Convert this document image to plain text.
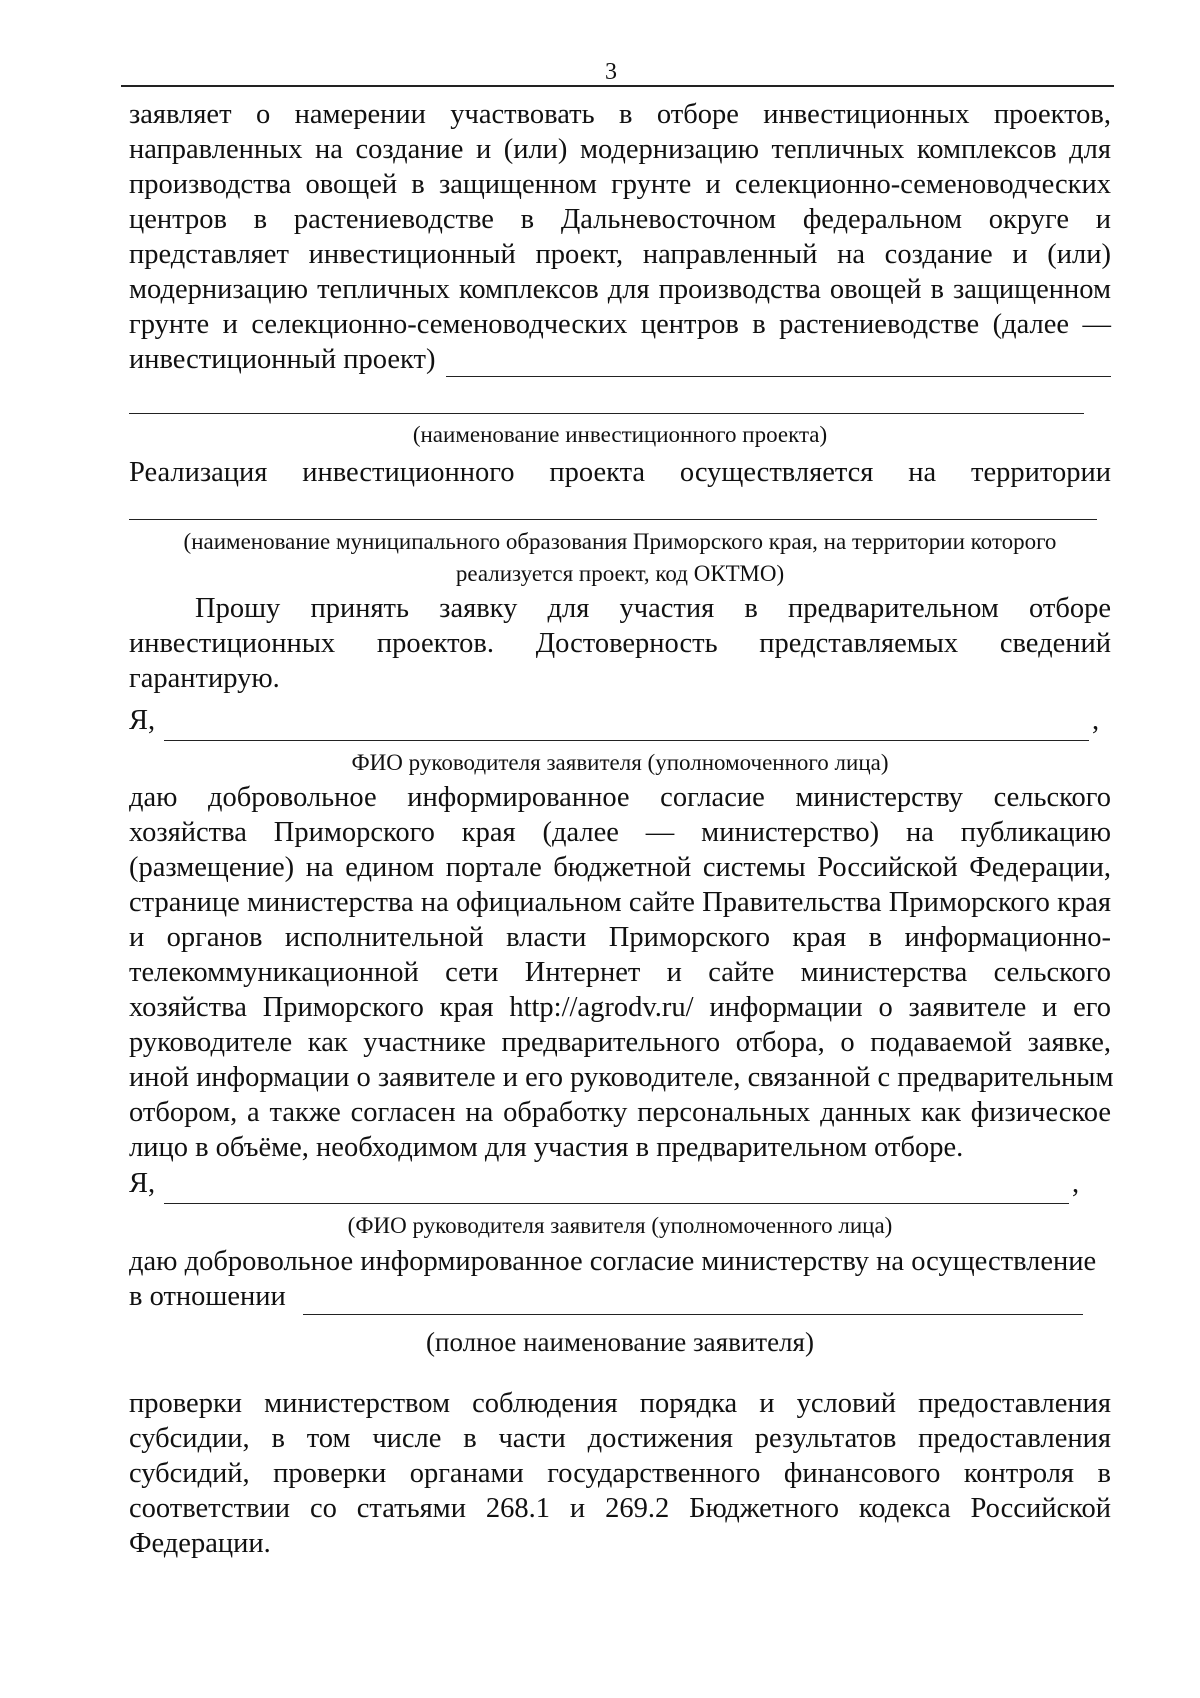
3
заявляет о намерении участвовать в отборе инвестиционных проектов,
направленных на создание и (или) модернизацию тепличных комплексов для
производства овощей в защищенном грунте и селекционно-семеноводческих
центров в растениеводстве в Дальневосточном федеральном округе и
представляет инвестиционный проект, направленный на создание и (или)
модернизацию тепличных комплексов для производства овощей в защищенном
грунте и селекционно-семеноводческих центров в растениеводстве (далее —
инвестиционный проект)
(наименование инвестиционного проекта)
Реализация инвестиционного проекта осуществляется на территории
(наименование муниципального образования Приморского края, на территории которого
реализуется проект, код ОКТМО)
Прошу принять заявку для участия в предварительном отборе
инвестиционных проектов. Достоверность представляемых сведений
гарантирую.
Я,	,
ФИО руководителя заявителя (уполномоченного лица)
даю добровольное информированное согласие министерству сельского
хозяйства Приморского края (далее — министерство) на публикацию
(размещение) на едином портале бюджетной системы Российской Федерации,
странице министерства на официальном сайте Правительства Приморского края
и органов исполнительной власти Приморского края в информационно-
телекоммуникационной сети Интернет и сайте министерства сельского
хозяйства Приморского края http://agrodv.ru/ информации о заявителе и его
руководителе как участнике предварительного отбора, о подаваемой заявке,
иной информации о заявителе и его руководителе, связанной с предварительным
отбором, а также согласен на обработку персональных данных как физическое
лицо в объёме, необходимом для участия в предварительном отборе.
Я,	,
(ФИО руководителя заявителя (уполномоченного лица)
даю добровольное информированное согласие министерству на осуществление
в отношении
(полное наименование заявителя)
проверки министерством соблюдения порядка и условий предоставления
субсидии, в том числе в части достижения результатов предоставления
субсидий, проверки органами государственного финансового контроля в
соответствии со статьями 268.1 и 269.2 Бюджетного кодекса Российской
Федерации.
